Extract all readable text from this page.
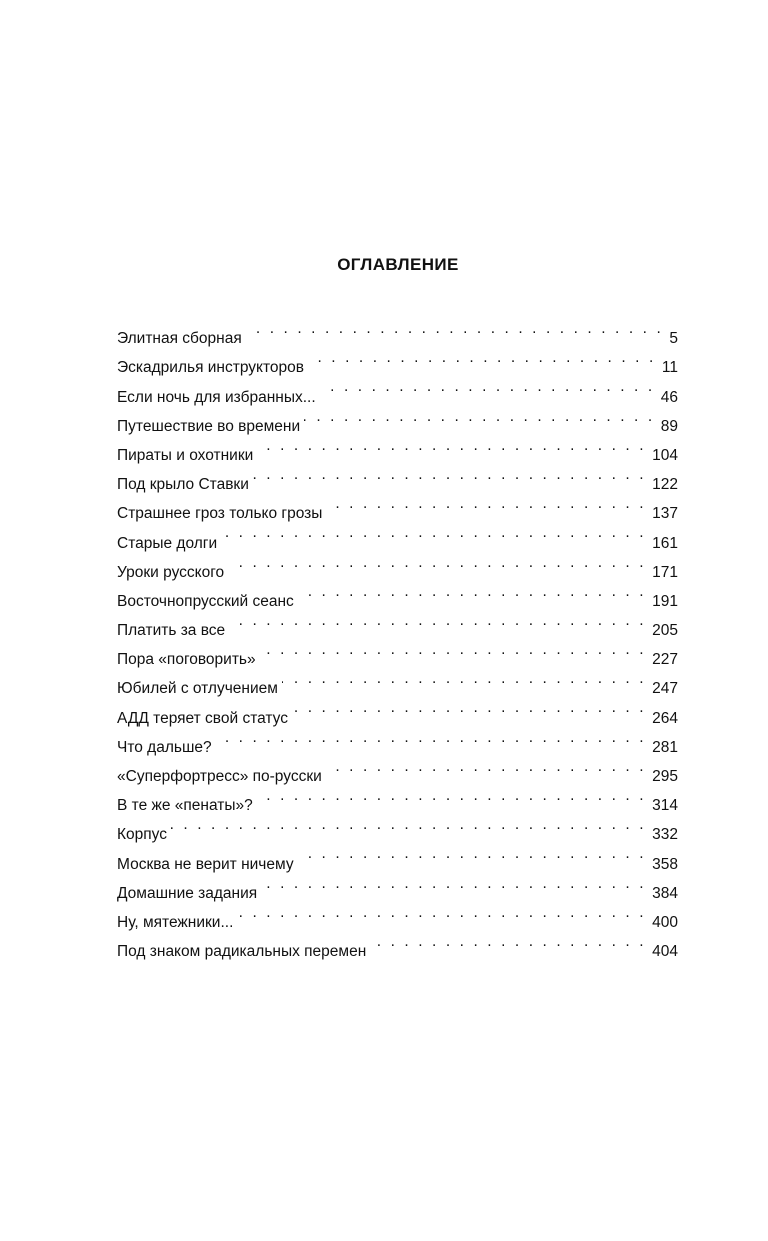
ОГЛАВЛЕНИЕ
Элитная сборная . . .	5
Эскадрилья инструкторов . . .	11
Если ночь для избранных... . . .	46
Путешествие во времени . . .	89
Пираты и охотники . . .	104
Под крыло Ставки . . .	122
Страшнее гроз только грозы . . .	137
Старые долги . . .	161
Уроки русского . . .	171
Восточнопрусский сеанс . . .	191
Платить за все . . .	205
Пора «поговорить» . . .	227
Юбилей с отлучением . . .	247
АДД теряет свой статус . . .	264
Что дальше? . . .	281
«Суперфортресс» по-русски . . .	295
В те же «пенаты»? . . .	314
Корпус . . .	332
Москва не верит ничему . . .	358
Домашние задания . . .	384
Ну, мятежники... . . .	400
Под знаком радикальных перемен . . .	404
